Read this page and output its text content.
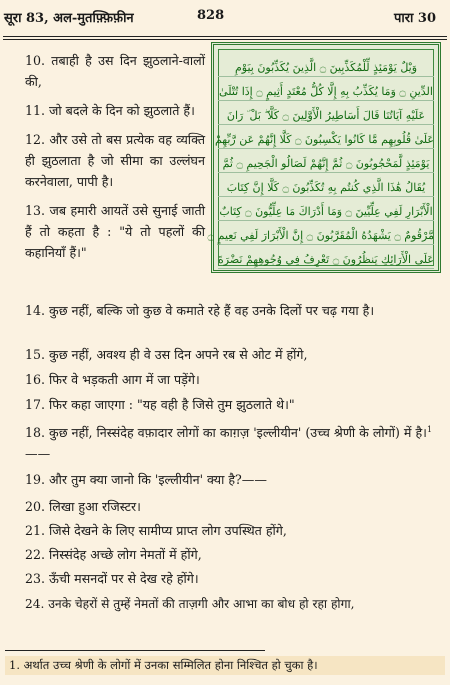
सूरा 83, अल-मुतफ़्फ़िफ़ीन	828	पारा 30

10. तबाही है उस दिन झुठलाने-वालों की,

11. जो बदले के दिन को झुठलाते हैं।

12. और उसे तो बस प्रत्येक वह व्यक्ति ही झुठलाता है जो सीमा का उल्लंघन करनेवाला, पापी है।

13. जब हमारी आयतें उसे सुनाई जाती हैं तो कहता है : "ये तो पहलों की कहानियाँ हैं।"

وَيْلٌ يَوْمَئِذٍ لِّلْمُكَذِّبِينَ ۝ الَّذِينَ يُكَذِّبُونَ بِيَوْمِ
الدِّينِ ۝ وَمَا يُكَذِّبُ بِهِ إِلَّا كُلُّ مُعْتَدٍ أَثِيمٍ ۝ إِذَا تُتْلَىٰ
عَلَيْهِ آيَاتُنَا قَالَ أَسَاطِيرُ الْأَوَّلِينَ ۝ كَلَّا ۖ بَلْ ۜ رَانَ
عَلَىٰ قُلُوبِهِم مَّا كَانُوا يَكْسِبُونَ ۝ كَلَّا إِنَّهُمْ عَن رَّبِّهِمْ
يَوْمَئِذٍ لَّمَحْجُوبُونَ ۝ ثُمَّ إِنَّهُمْ لَصَالُو الْجَحِيمِ ۝ ثُمَّ
يُقَالُ هَٰذَا الَّذِي كُنتُم بِهِ تُكَذِّبُونَ ۝ كَلَّا إِنَّ كِتَابَ
الْأَبْرَارِ لَفِي عِلِّيِّينَ ۝ وَمَا أَدْرَاكَ مَا عِلِّيُّونَ ۝ كِتَابٌ
مَّرْقُومٌ ۝ يَشْهَدُهُ الْمُقَرَّبُونَ ۝ إِنَّ الْأَبْرَارَ لَفِي نَعِيمٍ ۝
عَلَى الْأَرَائِكِ يَنظُرُونَ ۝ تَعْرِفُ فِي وُجُوهِهِمْ نَضْرَةَ
14. कुछ नहीं, बल्कि जो कुछ वे कमाते रहे हैं वह उनके दिलों पर चढ़ गया है।
15. कुछ नहीं, अवश्य ही वे उस दिन अपने रब से ओट में होंगे,
16. फिर वे भड़कती आग में जा पड़ेंगे।
17. फिर कहा जाएगा : "यह वही है जिसे तुम झुठलाते थे।"
18. कुछ नहीं, निस्संदेह वफ़ादार लोगों का काग़ज़ 'इल्लीयीन' (उच्च श्रेणी के लोगों) में है।$^1$——
19. और तुम क्या जानो कि 'इल्लीयीन' क्या है?——
20. लिखा हुआ रजिस्टर।
21. जिसे देखने के लिए सामीप्य प्राप्त लोग उपस्थित होंगे,
22. निस्संदेह अच्छे लोग नेमतों में होंगे,
23. ऊँची मसनदों पर से देख रहे होंगे।
24. उनके चेहरों से तुम्हें नेमतों की ताज़गी और आभा का बोध हो रहा होगा,
1. अर्थात उच्च श्रेणी के लोगों में उनका सम्मिलित होना निश्चित हो चुका है।
